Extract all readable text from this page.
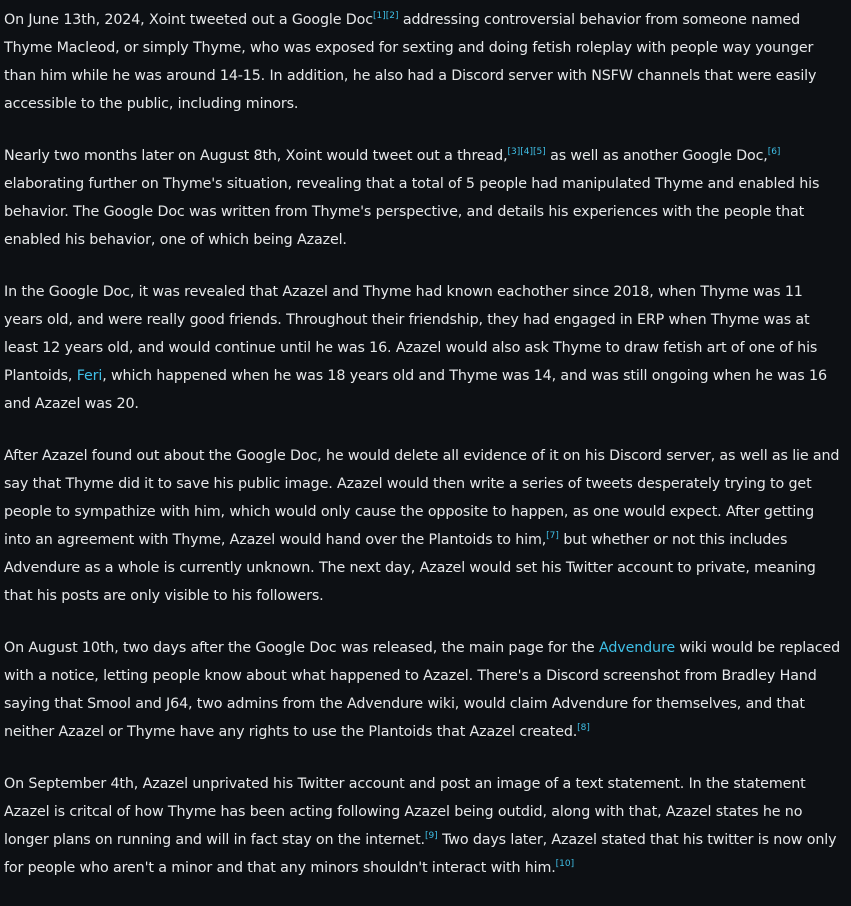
On June 13th, 2024, Xoint tweeted out a Google Doc[1][2] addressing controversial behavior from someone named Thyme Macleod, or simply Thyme, who was exposed for sexting and doing fetish roleplay with people way younger than him while he was around 14-15. In addition, he also had a Discord server with NSFW channels that were easily accessible to the public, including minors.

Nearly two months later on August 8th, Xoint would tweet out a thread,[3][4][5] as well as another Google Doc,[6] elaborating further on Thyme's situation, revealing that a total of 5 people had manipulated Thyme and enabled his behavior. The Google Doc was written from Thyme's perspective, and details his experiences with the people that enabled his behavior, one of which being Azazel.

In the Google Doc, it was revealed that Azazel and Thyme had known eachother since 2018, when Thyme was 11 years old, and were really good friends. Throughout their friendship, they had engaged in ERP when Thyme was at least 12 years old, and would continue until he was 16. Azazel would also ask Thyme to draw fetish art of one of his Plantoids, Feri, which happened when he was 18 years old and Thyme was 14, and was still ongoing when he was 16 and Azazel was 20.

After Azazel found out about the Google Doc, he would delete all evidence of it on his Discord server, as well as lie and say that Thyme did it to save his public image. Azazel would then write a series of tweets desperately trying to get people to sympathize with him, which would only cause the opposite to happen, as one would expect. After getting into an agreement with Thyme, Azazel would hand over the Plantoids to him,[7] but whether or not this includes Advendure as a whole is currently unknown. The next day, Azazel would set his Twitter account to private, meaning that his posts are only visible to his followers.

On August 10th, two days after the Google Doc was released, the main page for the Advendure wiki would be replaced with a notice, letting people know about what happened to Azazel. There's a Discord screenshot from Bradley Hand saying that Smool and J64, two admins from the Advendure wiki, would claim Advendure for themselves, and that neither Azazel or Thyme have any rights to use the Plantoids that Azazel created.[8]

On September 4th, Azazel unprivated his Twitter account and post an image of a text statement. In the statement Azazel is critcal of how Thyme has been acting following Azazel being outdid, along with that, Azazel states he no longer plans on running and will in fact stay on the internet.[9] Two days later, Azazel stated that his twitter is now only for people who aren't a minor and that any minors shouldn't interact with him.[10]
